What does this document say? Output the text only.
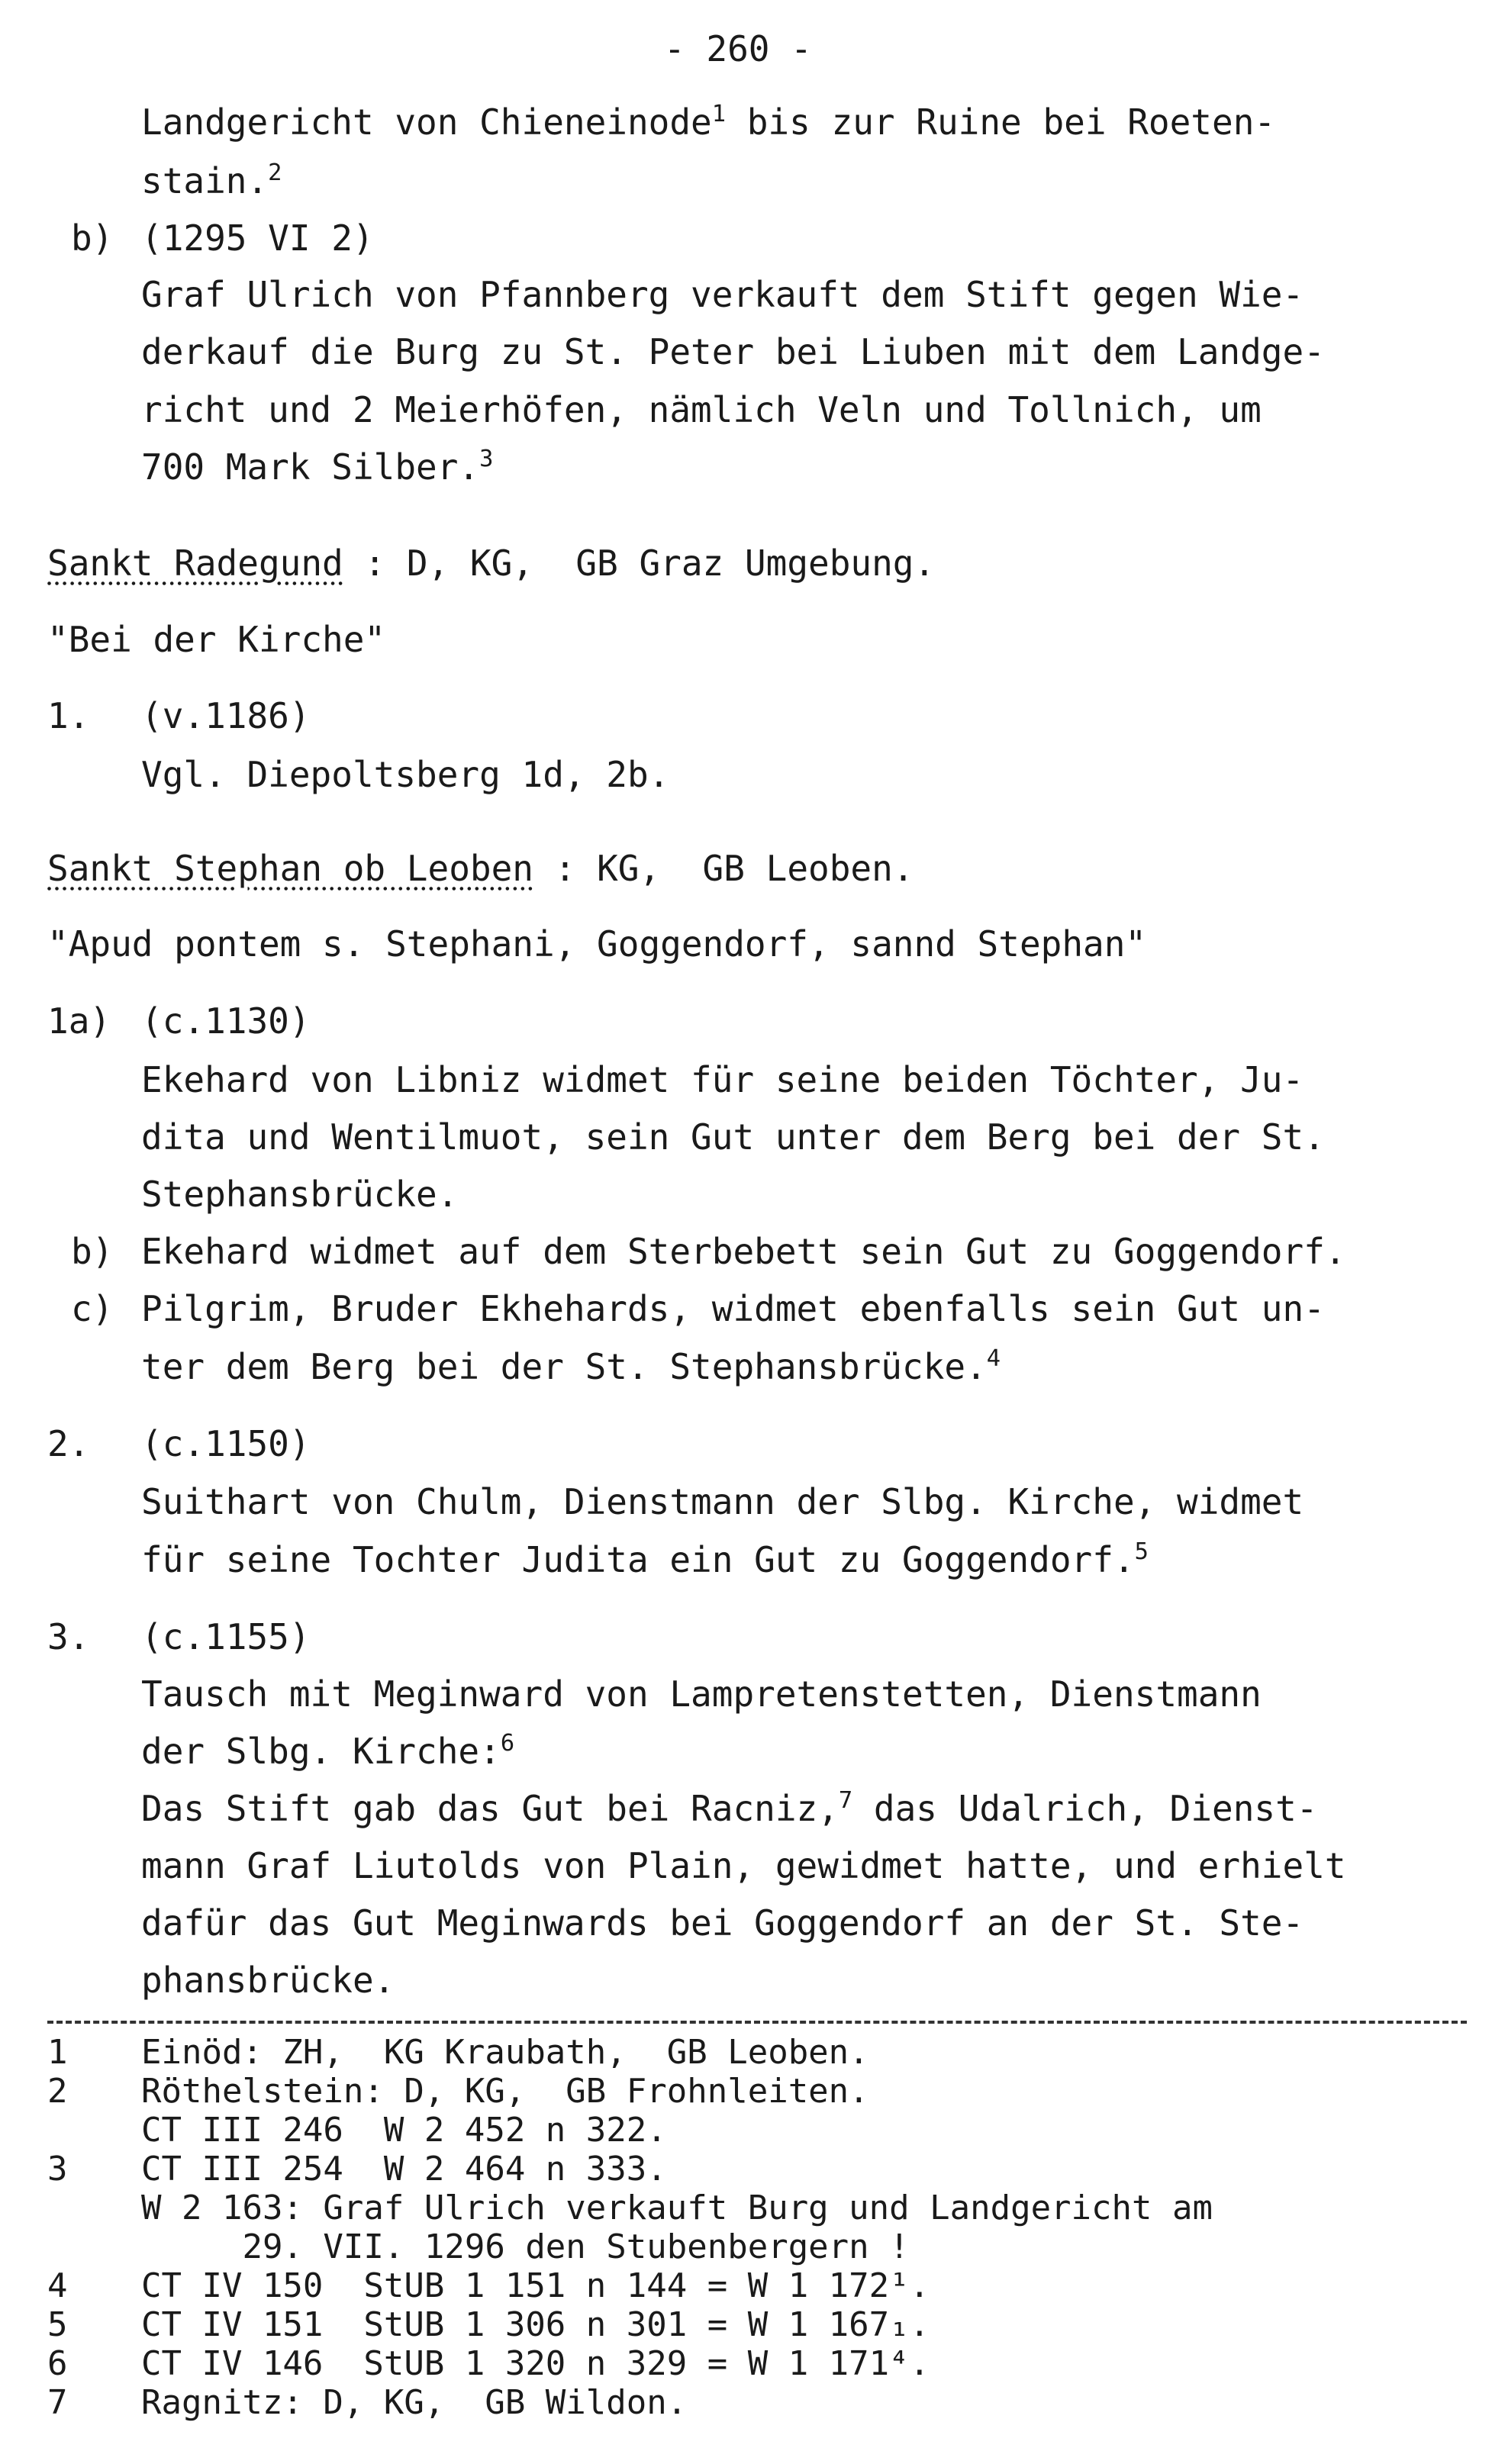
- 260 -
Landgericht von Chieneinode$^1$ bis zur Ruine bei Roeten-
stain.$^2$
b) (1295 VI 2)
Graf Ulrich von Pfannberg verkauft dem Stift gegen Wie-
derkauf die Burg zu St. Peter bei Liuben mit dem Landge-
richt und 2 Meierhöfen, nämlich Veln und Tollnich, um
700 Mark Silber.$^3$
Sankt Radegund : D, KG,  GB Graz Umgebung.
"Bei der Kirche"
1. (v.1186)
Vgl. Diepoltsberg 1d, 2b.
Sankt Stephan ob Leoben : KG,  GB Leoben.
"Apud pontem s. Stephani, Goggendorf, sannd Stephan"
1a) (c.1130)
Ekehard von Libniz widmet für seine beiden Töchter, Ju-
dita und Wentilmuot, sein Gut unter dem Berg bei der St.
Stephansbrücke.
b) Ekehard widmet auf dem Sterbebett sein Gut zu Goggendorf.
c) Pilgrim, Bruder Ekhehards, widmet ebenfalls sein Gut un-
ter dem Berg bei der St. Stephansbrücke.$^4$
2. (c.1150)
Suithart von Chulm, Dienstmann der Slbg. Kirche, widmet
für seine Tochter Judita ein Gut zu Goggendorf.$^5$
3. (c.1155)
Tausch mit Meginward von Lampretenstetten, Dienstmann
der Slbg. Kirche:$^6$
Das Stift gab das Gut bei Racniz,$^7$ das Udalrich, Dienst-
mann Graf Liutolds von Plain, gewidmet hatte, und erhielt
dafür das Gut Meginwards bei Goggendorf an der St. Ste-
phansbrücke.
1 Einöd: ZH,  KG Kraubath,  GB Leoben.
2 Röthelstein: D, KG,  GB Frohnleiten.
CT III 246  W 2 452 n 322.
3 CT III 254  W 2 464 n 333.
W 2 163: Graf Ulrich verkauft Burg und Landgericht am
29. VII. 1296 den Stubenbergern !
4 CT IV 150  StUB 1 151 n 144 = W 1 172¹.
5 CT IV 151  StUB 1 306 n 301 = W 1 167₁.
6 CT IV 146  StUB 1 320 n 329 = W 1 171⁴.
7 Ragnitz: D, KG,  GB Wildon.
